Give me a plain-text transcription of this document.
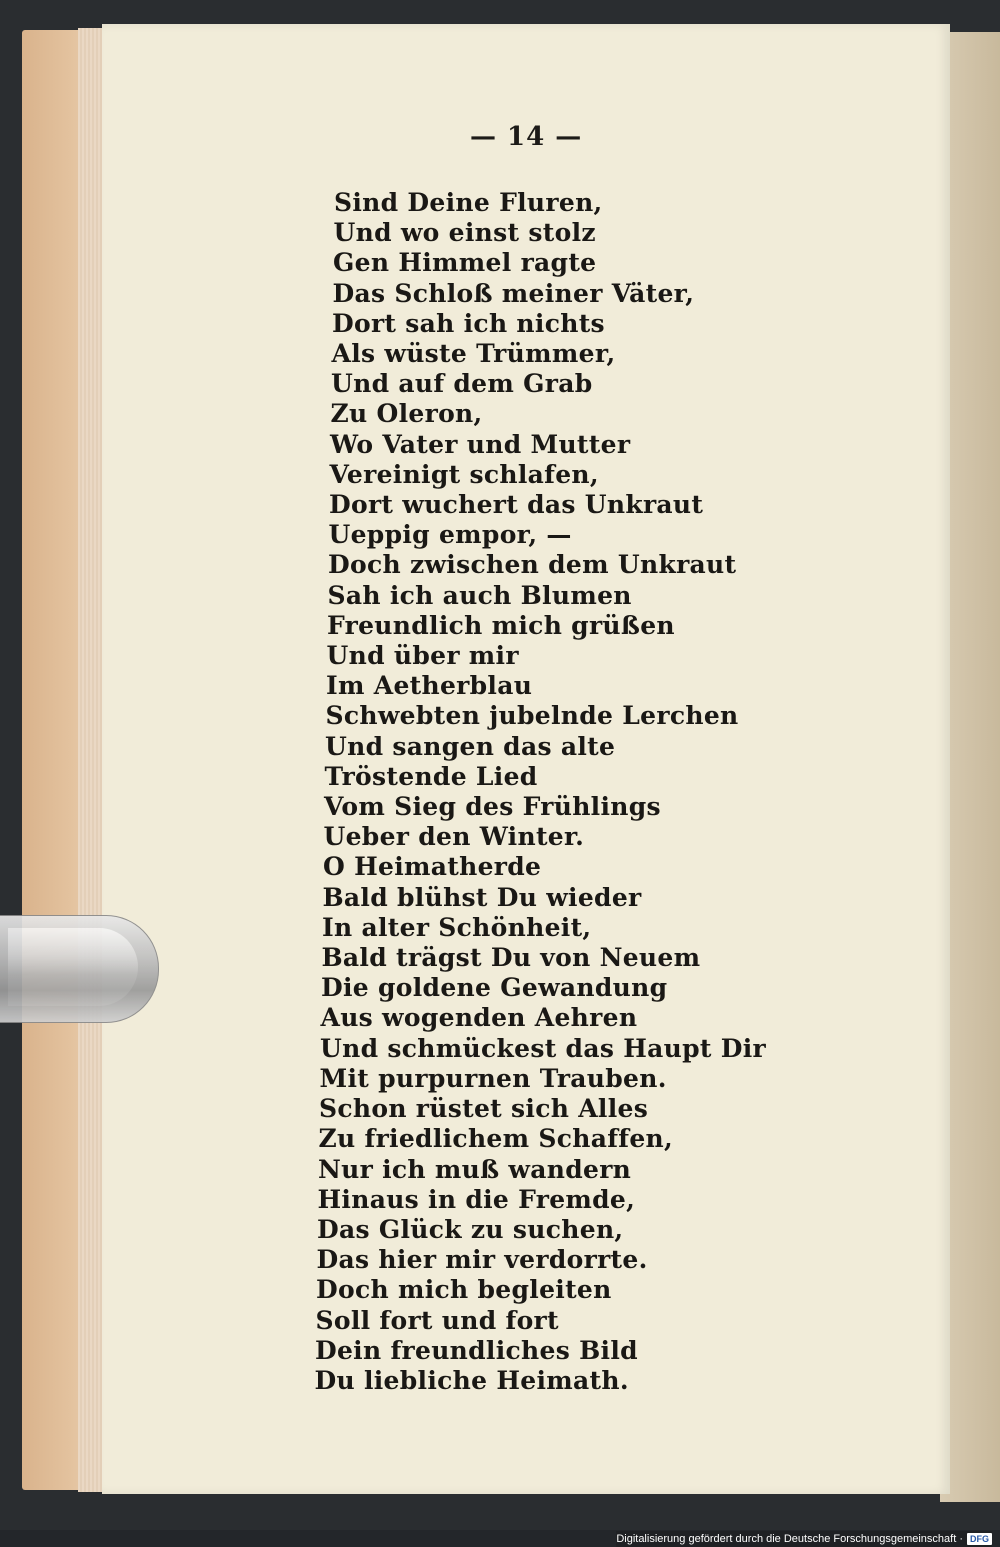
— 14 —
Sind Deine Fluren,
Und wo einst stolz
Gen Himmel ragte
Das Schloß meiner Väter,
Dort sah ich nichts
Als wüste Trümmer,
Und auf dem Grab
Zu Oleron,
Wo Vater und Mutter
Vereinigt schlafen,
Dort wuchert das Unkraut
Ueppig empor, —
Doch zwischen dem Unkraut
Sah ich auch Blumen
Freundlich mich grüßen
Und über mir
Im Aetherblau
Schwebten jubelnde Lerchen
Und sangen das alte
Tröstende Lied
Vom Sieg des Frühlings
Ueber den Winter.
O Heimatherde
Bald blühst Du wieder
In alter Schönheit,
Bald trägst Du von Neuem
Die goldene Gewandung
Aus wogenden Aehren
Und schmückest das Haupt Dir
Mit purpurnen Trauben.
Schon rüstet sich Alles
Zu friedlichem Schaffen,
Nur ich muß wandern
Hinaus in die Fremde,
Das Glück zu suchen,
Das hier mir verdorrte.
Doch mich begleiten
Soll fort und fort
Dein freundliches Bild
Du liebliche Heimath.
Digitalisierung gefördert durch die Deutsche Forschungsgemeinschaft · DFG
